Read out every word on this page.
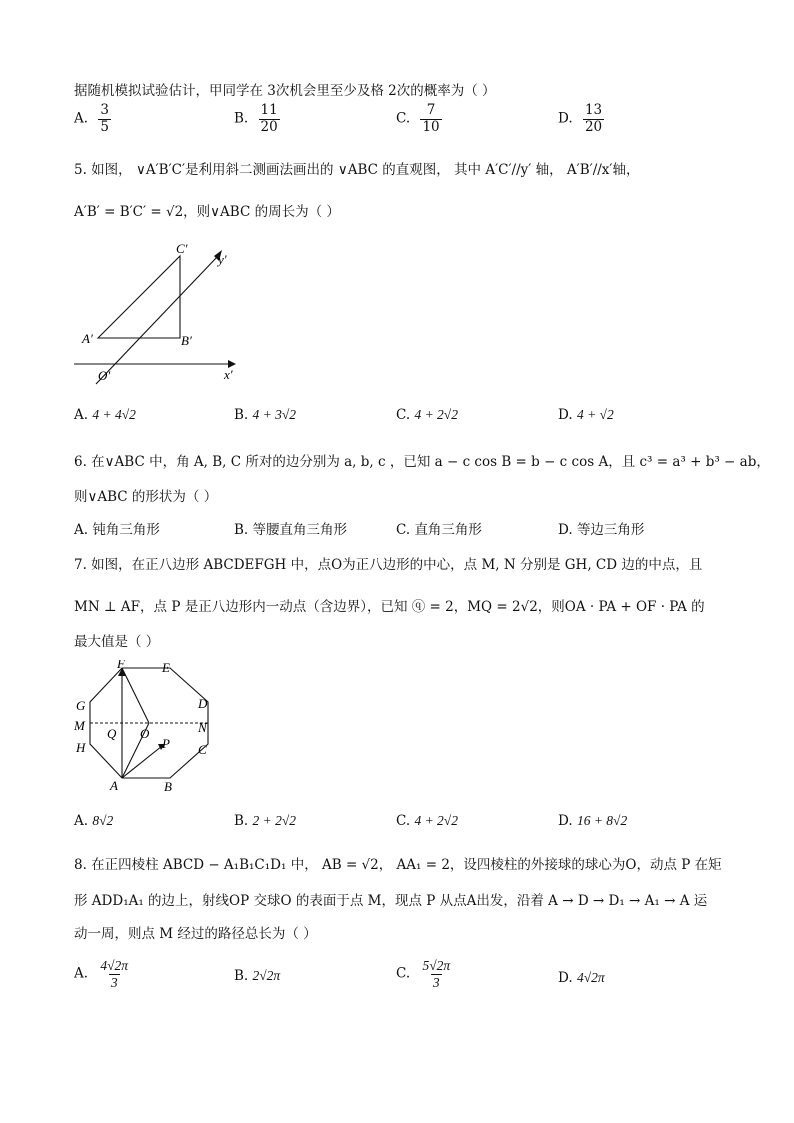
据随机模拟试验估计，甲同学在 3次机会里至少及格 2次的概率为（ ）
A. $\frac{3}{5}$	B. $\frac{11}{20}$	C. $\frac{7}{10}$	D. $\frac{13}{20}$
5. 如图， ∨A′B′C′是利用斜二测画法画出的 ∨ABC 的直观图， 其中 A′C′//y′ 轴， A′B′//x′轴，
A′B′ = B′C′ = √2，则∨ABC 的周长为（ ）
C′
y′
A′	B′
O′	x′
A. 4 + 4√2	B. 4 + 3√2	C. 4 + 2√2	D. 4 + √2
6. 在∨ABC 中，角 A, B, C 所对的边分别为 a, b, c ，已知 a − c cos B = b − c cos A，且 c³ = a³ + b³ − ab，
则∨ABC 的形状为（ ）
A. 钝角三角形	B. 等腰直角三角形	C. 直角三角形	D. 等边三角形
7. 如图，在正八边形 ABCDEFGH 中，点O为正八边形的中心，点 M, N 分别是 GH, CD 边的中点，且
MN ⊥ AF，点 P 是正八边形内一动点（含边界），已知 ⓠ = 2，MQ = 2√2，则OA · PA + OF · PA 的
最大值是（ ）
F	E
G	D
M	N
Q O
P
H	C
A	B
A. 8√2	B. 2 + 2√2	C. 4 + 2√2	D. 16 + 8√2
8. 在正四棱柱 ABCD − A₁B₁C₁D₁ 中， AB = √2， AA₁ = 2，设四棱柱的外接球的球心为O，动点 P 在矩
形 ADD₁A₁ 的边上，射线OP 交球O 的表面于点 M，现点 P 从点A出发，沿着 A → D → D₁ → A₁ → A 运
动一周，则点 M 经过的路径总长为（ ）
A. $\frac{4√2\pi}{3}$	B. 2√2π	C. $\frac{5√2\pi}{3}$	D. 4√2π
